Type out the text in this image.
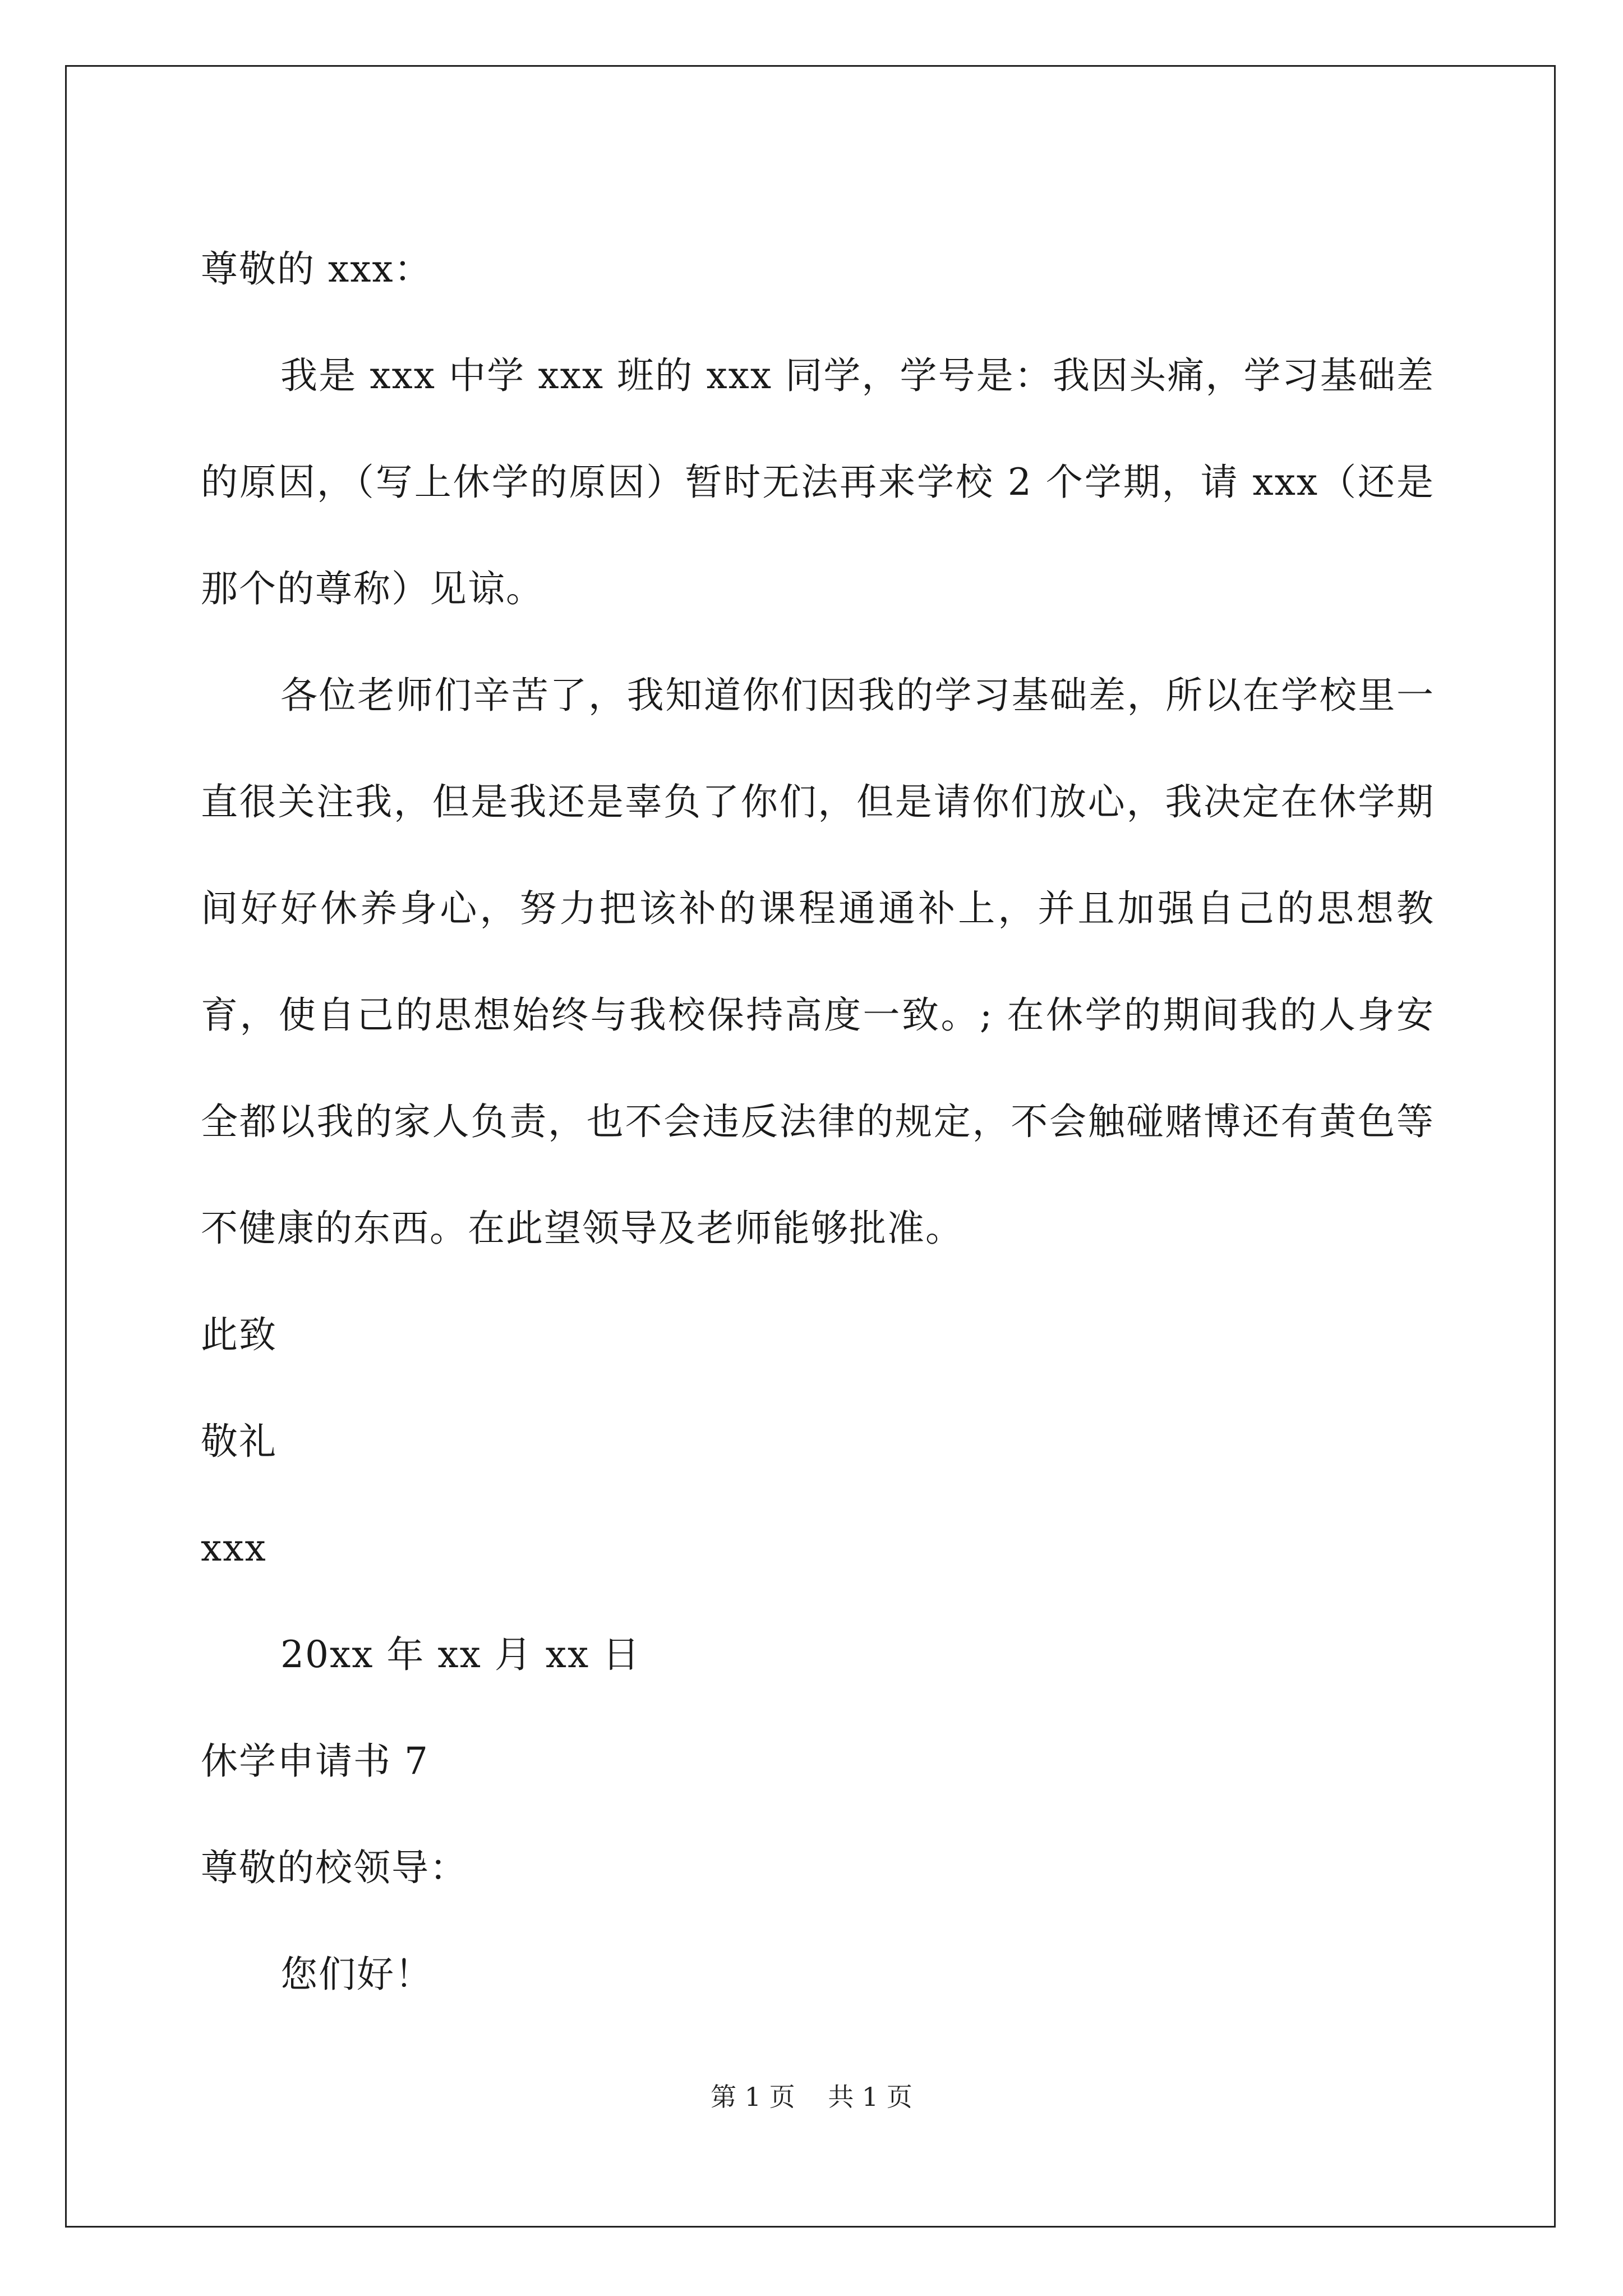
尊敬的 xxx：

我是 xxx 中学 xxx 班的 xxx 同学，学号是：我因头痛，学习基础差的原因，（写上休学的原因）暂时无法再来学校 2 个学期，请 xxx（还是那个的尊称）见谅。

各位老师们辛苦了，我知道你们因我的学习基础差，所以在学校里一直很关注我，但是我还是辜负了你们，但是请你们放心，我决定在休学期间好好休养身心，努力把该补的课程通通补上，并且加强自己的思想教育，使自己的思想始终与我校保持高度一致。; 在休学的期间我的人身安全都以我的家人负责，也不会违反法律的规定，不会触碰赌博还有黄色等不健康的东西。在此望领导及老师能够批准。

此致
敬礼
xxx
20xx 年 xx 月 xx 日
休学申请书 7
尊敬的校领导：
您们好！
第 1 页 共 1 页
